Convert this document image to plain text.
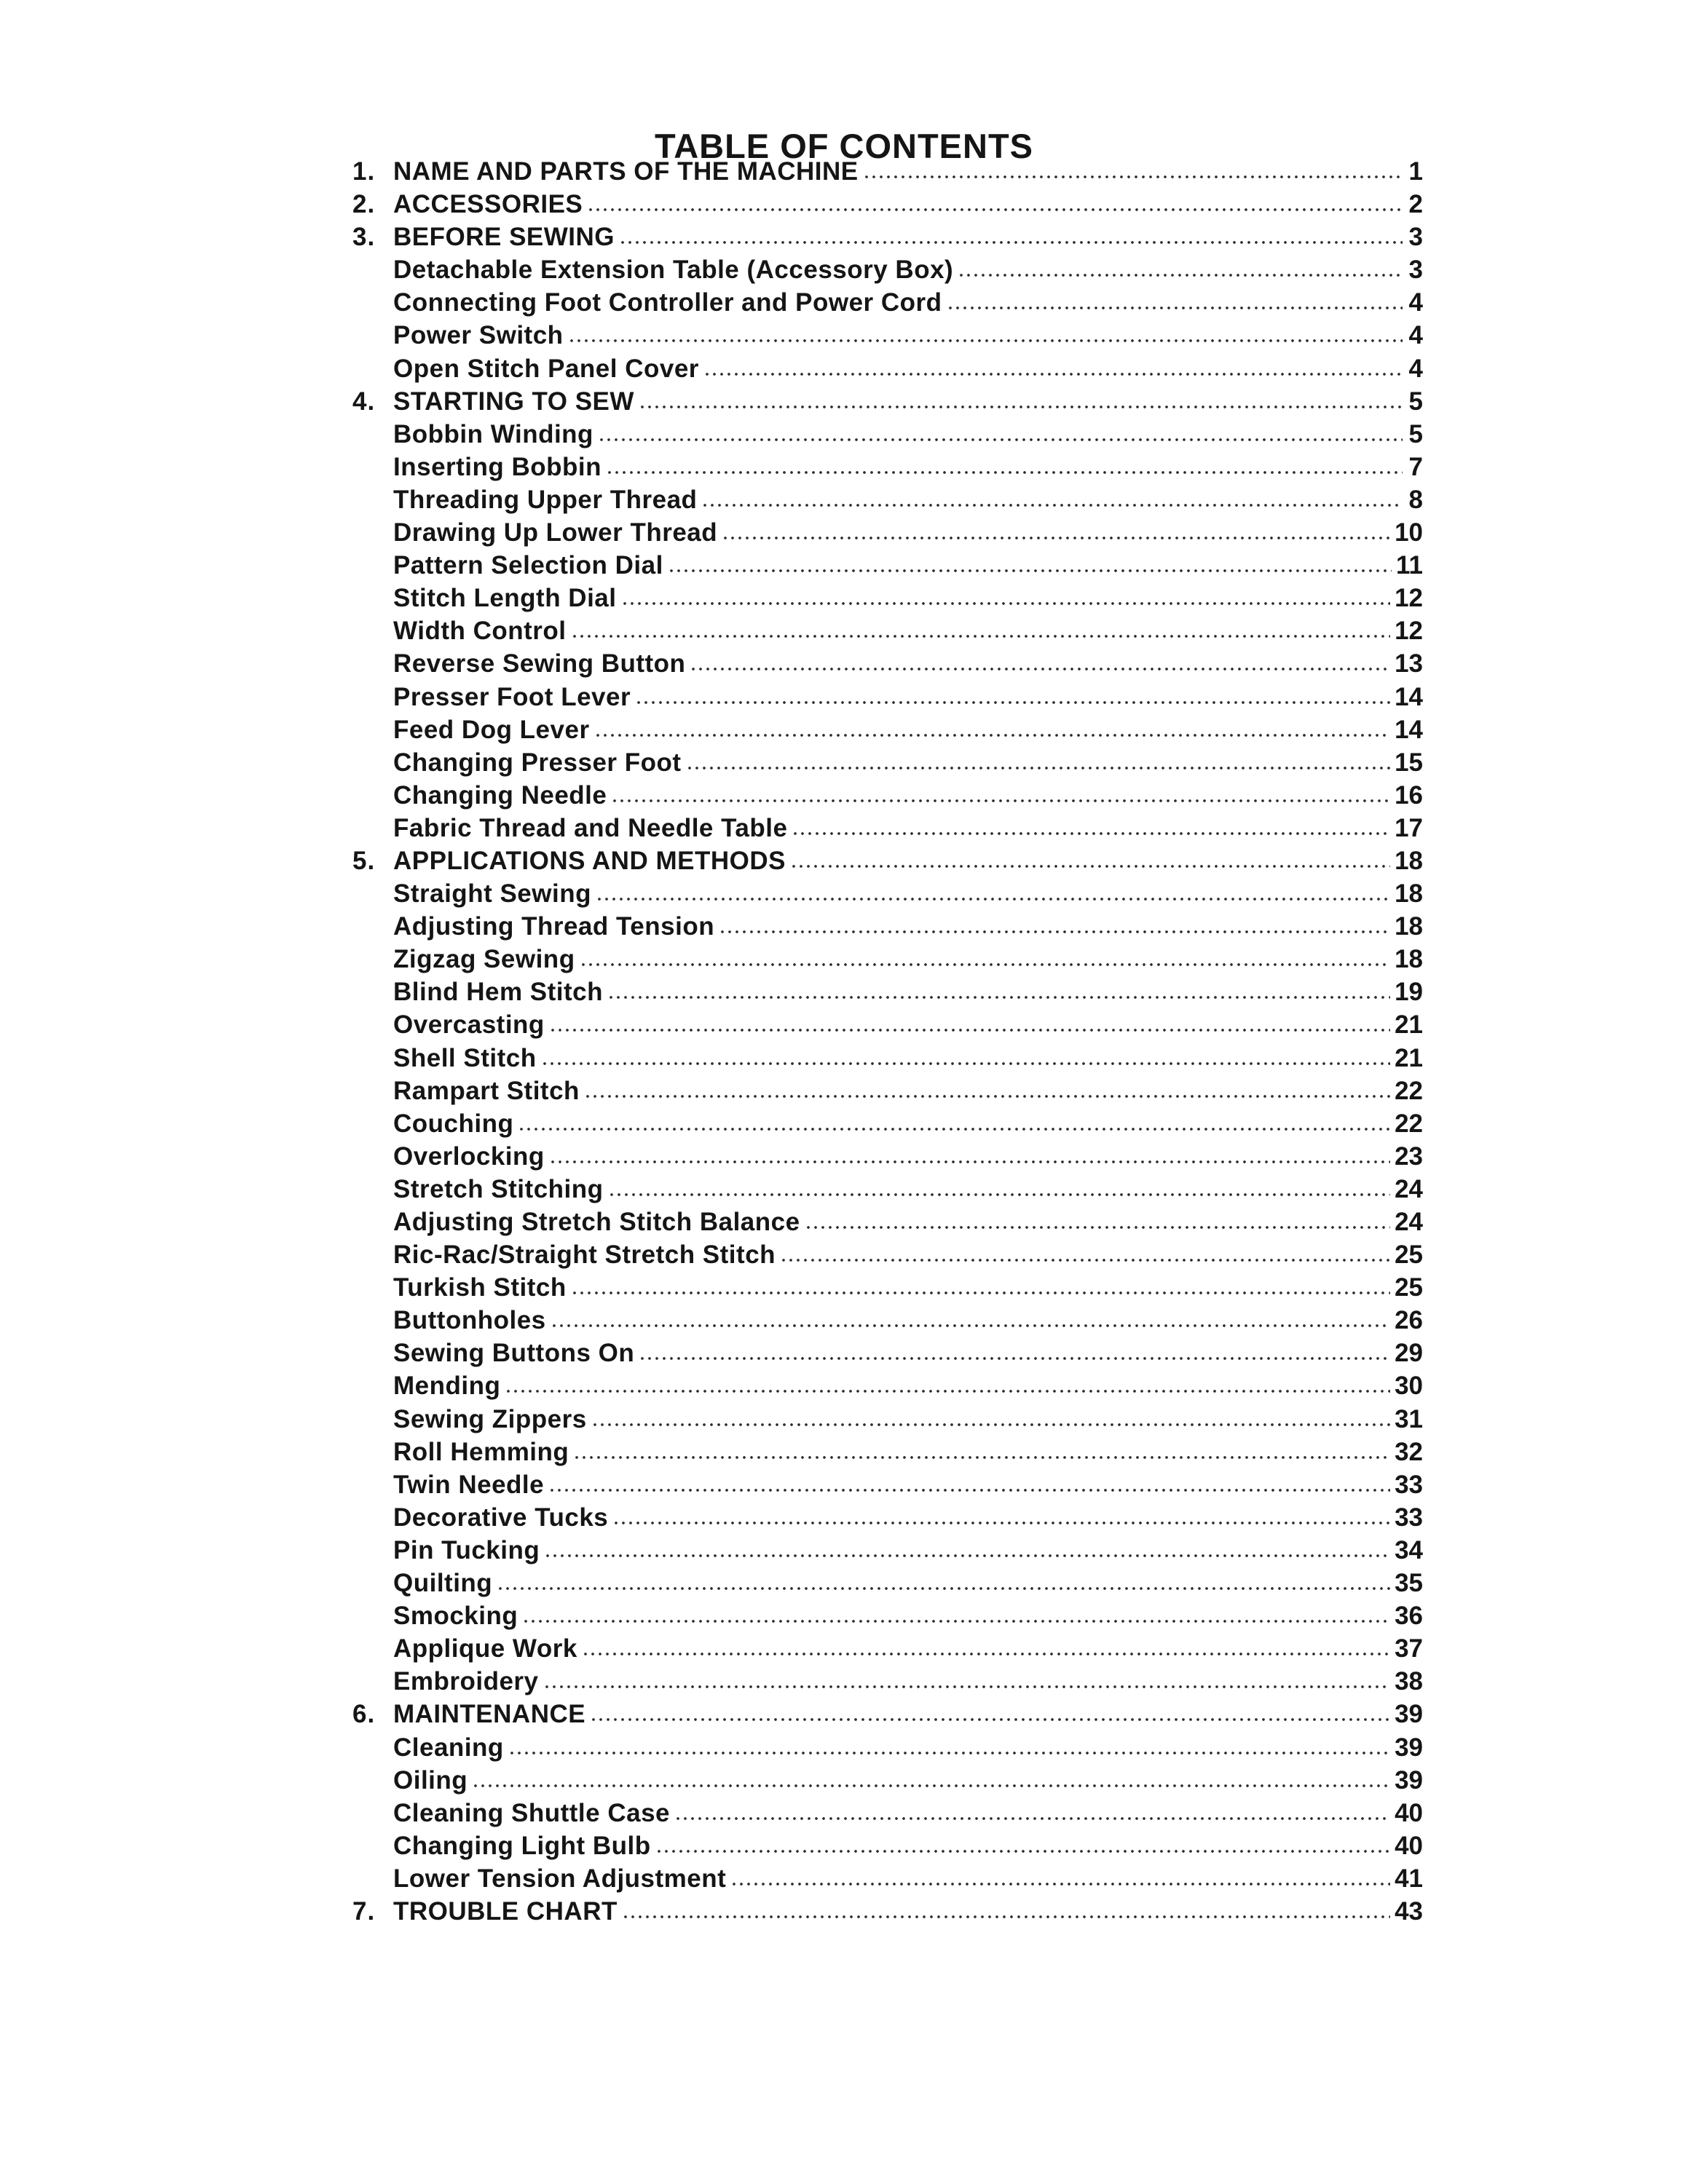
TABLE OF CONTENTS
1. NAME AND PARTS OF THE MACHINE	1
2. ACCESSORIES	2
3. BEFORE SEWING	3
Detachable Extension Table (Accessory Box)	3
Connecting Foot Controller and Power Cord	4
Power Switch	4
Open Stitch Panel Cover	4
4. STARTING TO SEW	5
Bobbin Winding	5
Inserting Bobbin	7
Threading Upper Thread	8
Drawing Up Lower Thread	10
Pattern Selection Dial	11
Stitch Length Dial	12
Width Control	12
Reverse Sewing Button	13
Presser Foot Lever	14
Feed Dog Lever	14
Changing Presser Foot	15
Changing Needle	16
Fabric Thread and Needle Table	17
5. APPLICATIONS AND METHODS	18
Straight Sewing	18
Adjusting Thread Tension	18
Zigzag Sewing	18
Blind Hem Stitch	19
Overcasting	21
Shell Stitch	21
Rampart Stitch	22
Couching	22
Overlocking	23
Stretch Stitching	24
Adjusting Stretch Stitch Balance	24
Ric-Rac/Straight Stretch Stitch	25
Turkish Stitch	25
Buttonholes	26
Sewing Buttons On	29
Mending	30
Sewing Zippers	31
Roll Hemming	32
Twin Needle	33
Decorative Tucks	33
Pin Tucking	34
Quilting	35
Smocking	36
Applique Work	37
Embroidery	38
6. MAINTENANCE	39
Cleaning	39
Oiling	39
Cleaning Shuttle Case	40
Changing Light Bulb	40
Lower Tension Adjustment	41
7. TROUBLE CHART	43
